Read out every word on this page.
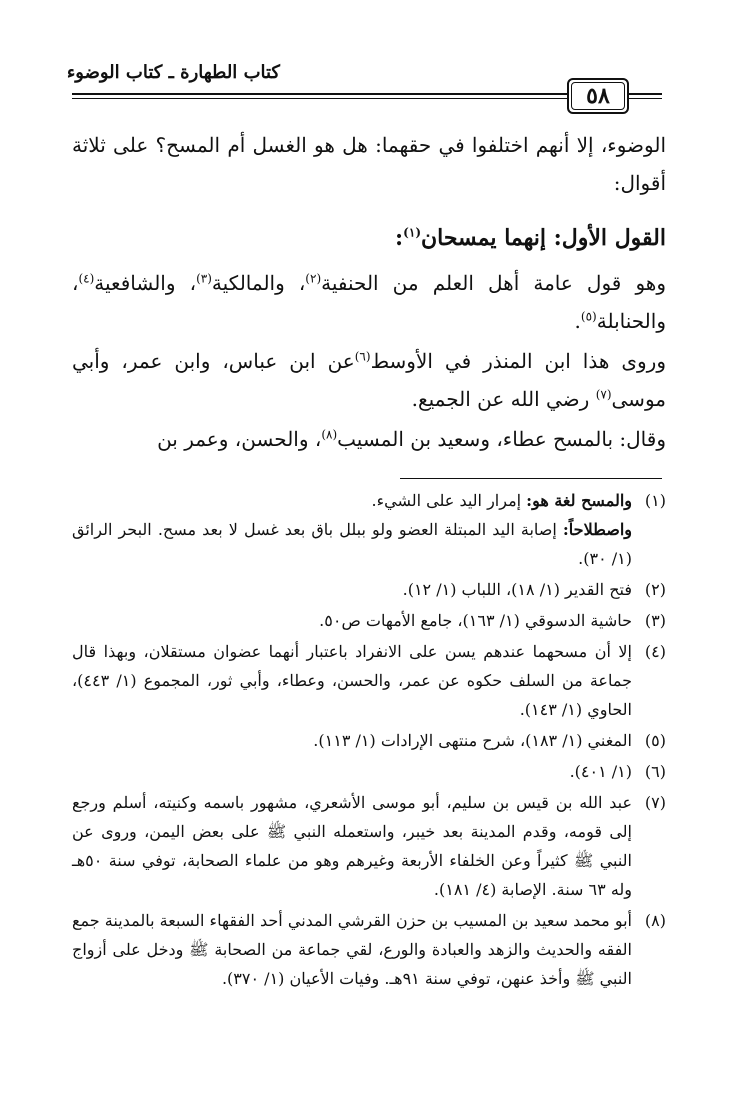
كتاب الطهارة ـ كتاب الوضوء
٥٨

الوضوء، إلا أنهم اختلفوا في حقهما: هل هو الغسل أم المسح؟ على ثلاثة أقوال:

القول الأول: إنهما يمسحان$^{(١)}$:

وهو قول عامة أهل العلم من الحنفية$^{(٢)}$، والمالكية$^{(٣)}$، والشافعية$^{(٤)}$، والحنابلة$^{(٥)}$.

وروى هذا ابن المنذر في الأوسط$^{(٦)}$عن ابن عباس، وابن عمر، وأبي موسى$^{(٧)}$ رضي الله عن الجميع.

وقال: بالمسح عطاء، وسعيد بن المسيب$^{(٨)}$، والحسن، وعمر بن

(١)
والمسح لغة هو: إمرار اليد على الشيء.
واصطلاحاً: إصابة اليد المبتلة العضو ولو ببلل باق بعد غسل لا بعد مسح. البحر الرائق (١/ ٣٠).
(٢)
فتح القدير (١/ ١٨)، اللباب (١/ ١٢).
(٣)
حاشية الدسوقي (١/ ١٦٣)، جامع الأمهات ص٥٠.
(٤)
إلا أن مسحهما عندهم يسن على الانفراد باعتبار أنهما عضوان مستقلان، وبهذا قال جماعة من السلف حكوه عن عمر، والحسن، وعطاء، وأبي ثور، المجموع (١/ ٤٤٣)، الحاوي (١/ ١٤٣).
(٥)
المغني (١/ ١٨٣)، شرح منتهى الإرادات (١/ ١١٣).
(٦)
(١/ ٤٠١).
(٧)
عبد الله بن قيس بن سليم، أبو موسى الأشعري، مشهور باسمه وكنيته، أسلم ورجع إلى قومه، وقدم المدينة بعد خيبر، واستعمله النبي ﷺ على بعض اليمن، وروى عن النبي ﷺ كثيراً وعن الخلفاء الأربعة وغيرهم وهو من علماء الصحابة، توفي سنة ٥٠هـ وله ٦٣ سنة. الإصابة (٤/ ١٨١).
(٨)
أبو محمد سعيد بن المسيب بن حزن القرشي المدني أحد الفقهاء السبعة بالمدينة جمع الفقه والحديث والزهد والعبادة والورع، لقي جماعة من الصحابة ﷺ ودخل على أزواج النبي ﷺ وأخذ عنهن، توفي سنة ٩١هـ. وفيات الأعيان (١/ ٣٧٠).
